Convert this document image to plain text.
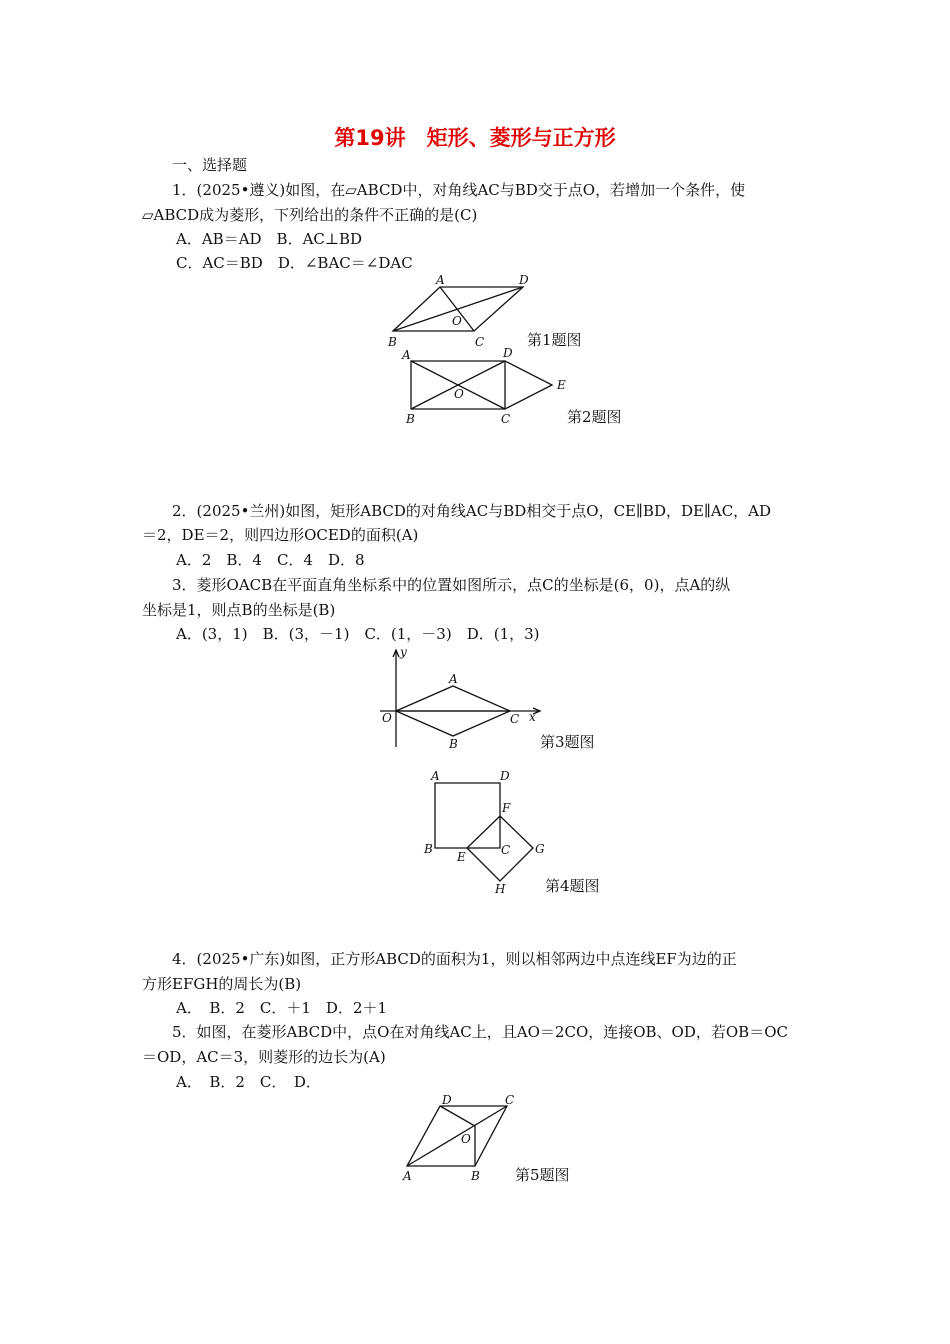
第19讲　矩形、菱形与正方形
一、选择题
1．(2025•遵义)如图，在▱ABCD中，对角线AC与BD交于点O，若增加一个条件，使
▱ABCD成为菱形，下列给出的条件不正确的是(C)
A．AB＝AD　B．AC⊥BD
C．AC＝BD　D．∠BAC＝∠DAC
A	D
O
B	C
A	D
E
O
B	C
y
A
O	C x
B
A	D
F
B
E	C G
H
D	C
O
A	B
第1题图
第2题图
2．(2025•兰州)如图，矩形ABCD的对角线AC与BD相交于点O，CE∥BD，DE∥AC，AD
＝2，DE＝2，则四边形OCED的面积(A)
A．2　B．4　C．4　D．8
3．菱形OACB在平面直角坐标系中的位置如图所示，点C的坐标是(6，0)，点A的纵
坐标是1，则点B的坐标是(B)
A．(3，1)　B．(3，－1)　C．(1，－3)　D．(1，3)
第3题图
第4题图
4．(2025•广东)如图，正方形ABCD的面积为1，则以相邻两边中点连线EF为边的正
方形EFGH的周长为(B)
A．　B．2　C．＋1　D．2＋1
5．如图，在菱形ABCD中，点O在对角线AC上，且AO＝2CO，连接OB、OD，若OB＝OC
＝OD，AC＝3，则菱形的边长为(A)
A．　B．2　C．　D．
第5题图
